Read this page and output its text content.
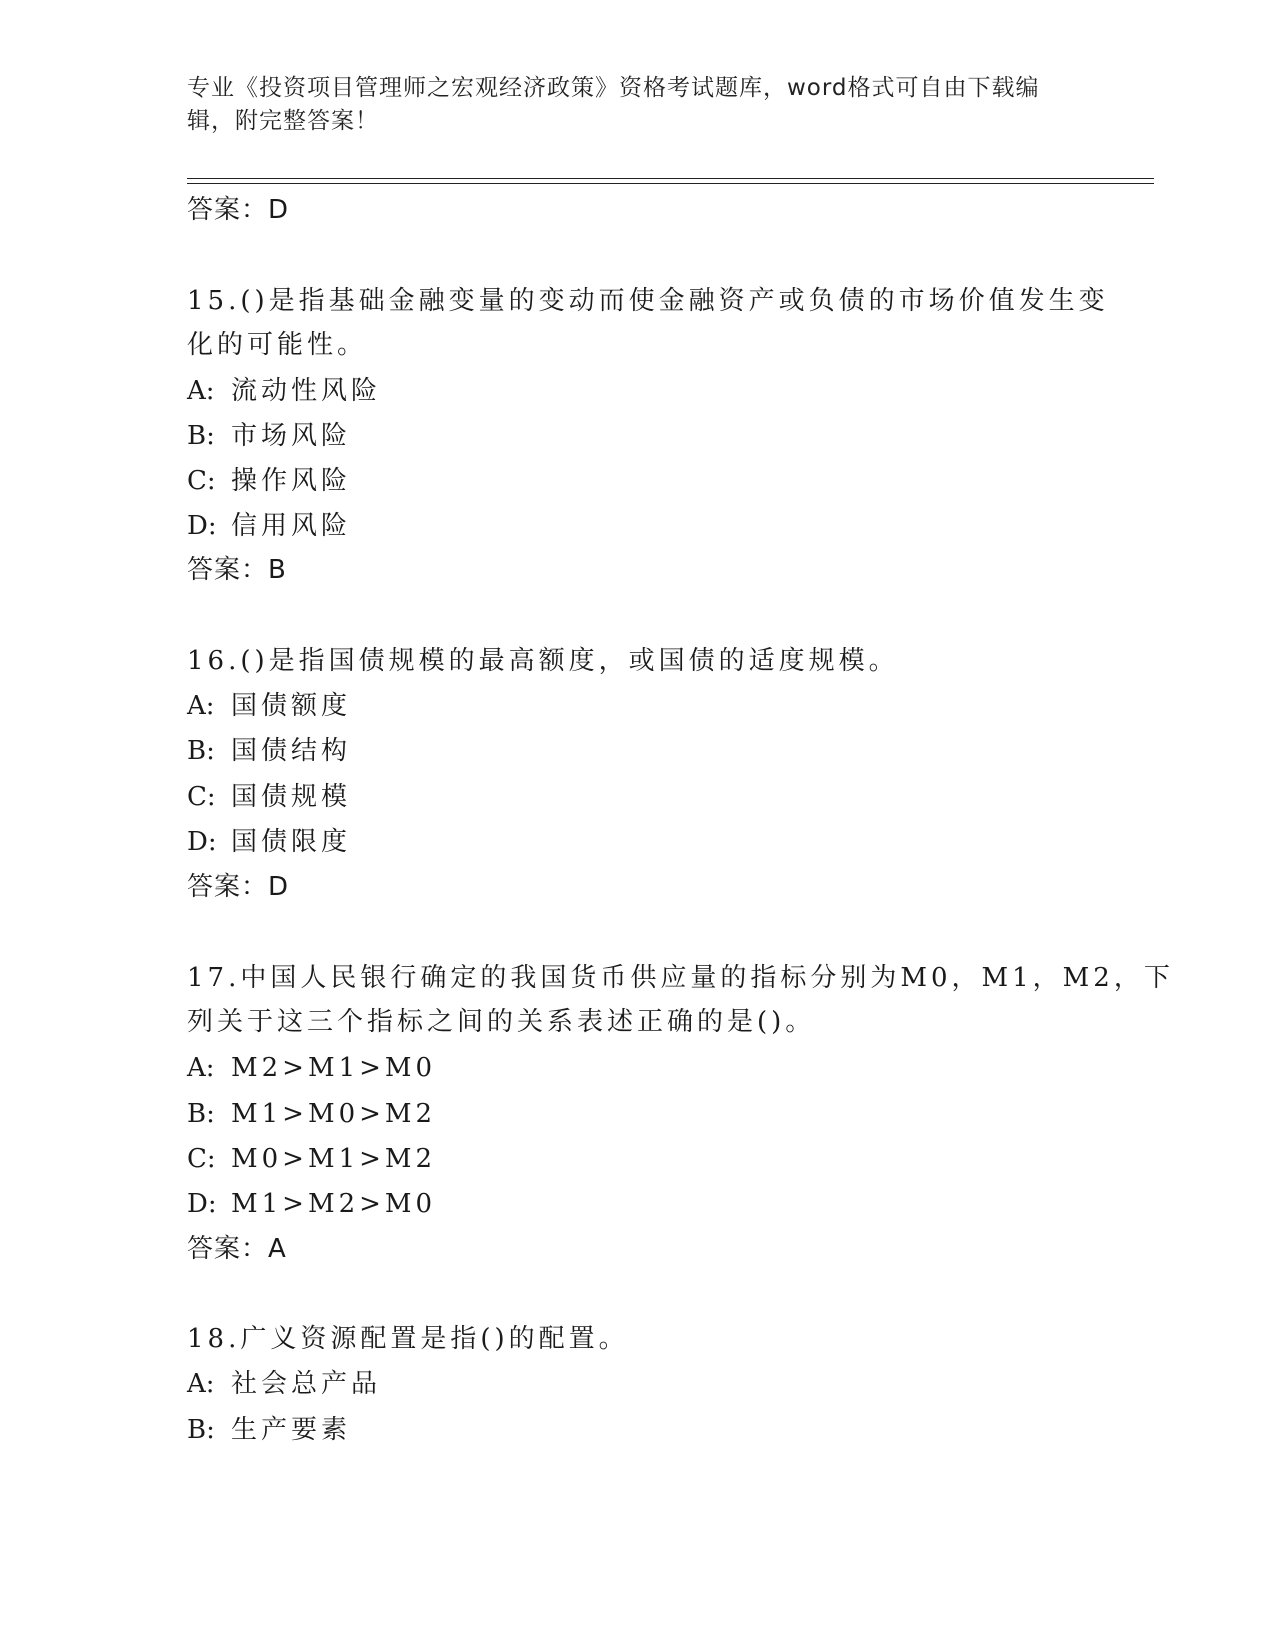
专业《投资项目管理师之宏观经济政策》资格考试题库，word格式可自由下载编辑，附完整答案！
答案：D
15.()是指基础金融变量的变动而使金融资产或负债的市场价值发生变
化的可能性。
A: 流动性风险
B: 市场风险
C: 操作风险
D: 信用风险
答案：B
16.()是指国债规模的最高额度，或国债的适度规模。
A: 国债额度
B: 国债结构
C: 国债规模
D: 国债限度
答案：D
17.中国人民银行确定的我国货币供应量的指标分别为M0，M1，M2，下
列关于这三个指标之间的关系表述正确的是()。
A: M2>M1>M0
B: M1>M0>M2
C: M0>M1>M2
D: M1>M2>M0
答案：A
18.广义资源配置是指()的配置。
A: 社会总产品
B: 生产要素
